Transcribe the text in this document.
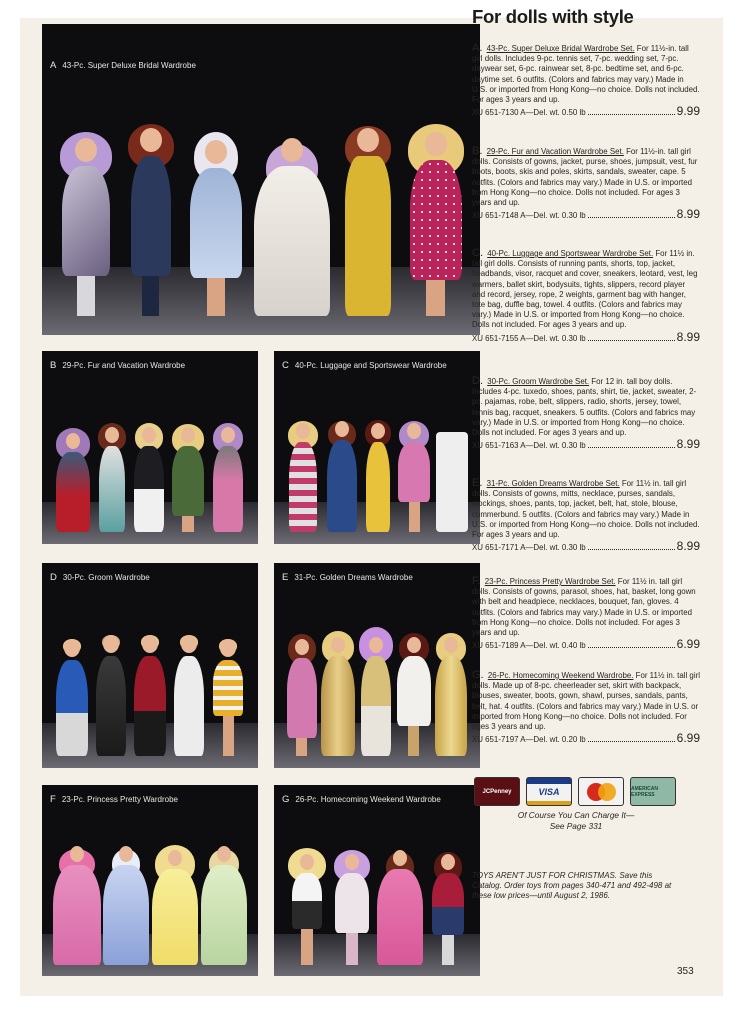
A 43-Pc. Super Deluxe Bridal Wardrobe
B 29-Pc. Fur and Vacation Wardrobe	C 40-Pc. Luggage and Sportswear Wardrobe
D 30-Pc. Groom Wardrobe	E 31-Pc. Golden Dreams Wardrobe
F 23-Pc. Princess Pretty Wardrobe	G 26-Pc. Homecoming Weekend Wardrobe
For dolls with style
A. 43-Pc. Super Deluxe Bridal Wardrobe Set. For 11½-in. tall girl dolls. Includes 9-pc. tennis set, 7-pc. wedding set, 7-pc. daywear set, 6-pc. rainwear set, 8-pc. bedtime set, and 6-pc. daytime set. 6 outfits. (Colors and fabrics may vary.) Made in U.S. or imported from Hong Kong—no choice. Dolls not included. For ages 3 years and up.
XU 651-7130 A—Del. wt. 0.50 lb	9.99
B. 29-Pc. Fur and Vacation Wardrobe Set. For 11½-in. tall girl dolls. Consists of gowns, jacket, purse, shoes, jumpsuit, vest, fur boots, boots, skis and poles, skirts, sandals, sweater, cape. 5 outfits. (Colors and fabrics may vary.) Made in U.S. or imported from Hong Kong—no choice. Dolls not included. For ages 3 years and up.
XU 651-7148 A—Del. wt. 0.30 lb	8.99
C. 40-Pc. Luggage and Sportswear Wardrobe Set. For 11½ in. tall girl dolls. Consists of running pants, shorts, top, jacket, headbands, visor, racquet and cover, sneakers, leotard, vest, leg warmers, ballet skirt, bodysuits, tights, slippers, record player and record, jersey, rope, 2 weights, garment bag with hanger, tote bag, duffle bag, towel. 4 outfits. (Colors and fabrics may vary.) Made in U.S. or imported from Hong Kong—no choice. Dolls not included. For ages 3 years and up.
XU 651-7155 A—Del. wt. 0.30 lb	8.99
D. 30-Pc. Groom Wardrobe Set. For 12 in. tall boy dolls. Includes 4-pc. tuxedo, shoes, pants, shirt, tie, jacket, sweater, 2-pc. pajamas, robe, belt, slippers, radio, shorts, jersey, towel, tennis bag, racquet, sneakers. 5 outfits. (Colors and fabrics may vary.) Made in U.S. or imported from Hong Kong—no choice. Dolls not included. For ages 3 years and up.
XU 651-7163 A—Del. wt. 0.30 lb	8.99
E. 31-Pc. Golden Dreams Wardrobe Set. For 11½ in. tall girl dolls. Consists of gowns, mitts, necklace, purses, sandals, stockings, shoes, pants, top, jacket, belt, hat, stole, blouse, cummerbund. 5 outfits. (Colors and fabrics may vary.) Made in U.S. or imported from Hong Kong—no choice. Dolls not included. For ages 3 years and up.
XU 651-7171 A—Del. wt. 0.30 lb	8.99
F. 23-Pc. Princess Pretty Wardrobe Set. For 11½ in. tall girl dolls. Consists of gowns, parasol, shoes, hat, basket, long gown with belt and headpiece, necklaces, bouquet, fan, gloves. 4 outfits. (Colors and fabrics may vary.) Made in U.S. or imported from Hong Kong—no choice. Dolls not included. For ages 3 years and up.
XU 651-7189 A—Del. wt. 0.40 lb	6.99
G. 26-Pc. Homecoming Weekend Wardrobe. For 11½ in. tall girl dolls. Made up of 8-pc. cheerleader set, skirt with backpack, blouses, sweater, boots, gown, shawl, purses, sandals, pants, belt, hat. 4 outfits. (Colors and fabrics may vary.) Made in U.S. or imported from Hong Kong—no choice. Dolls not included. For ages 3 years and up.
XU 651-7197 A—Del. wt. 0.20 lb	6.99
JCPenney	VISA	AMERICAN EXPRESS
Of Course You Can Charge It—
See Page 331
TOYS AREN'T JUST FOR CHRISTMAS. Save this Catalog. Order toys from pages 340-471 and 492-498 at these low prices—until August 2, 1986.
353
